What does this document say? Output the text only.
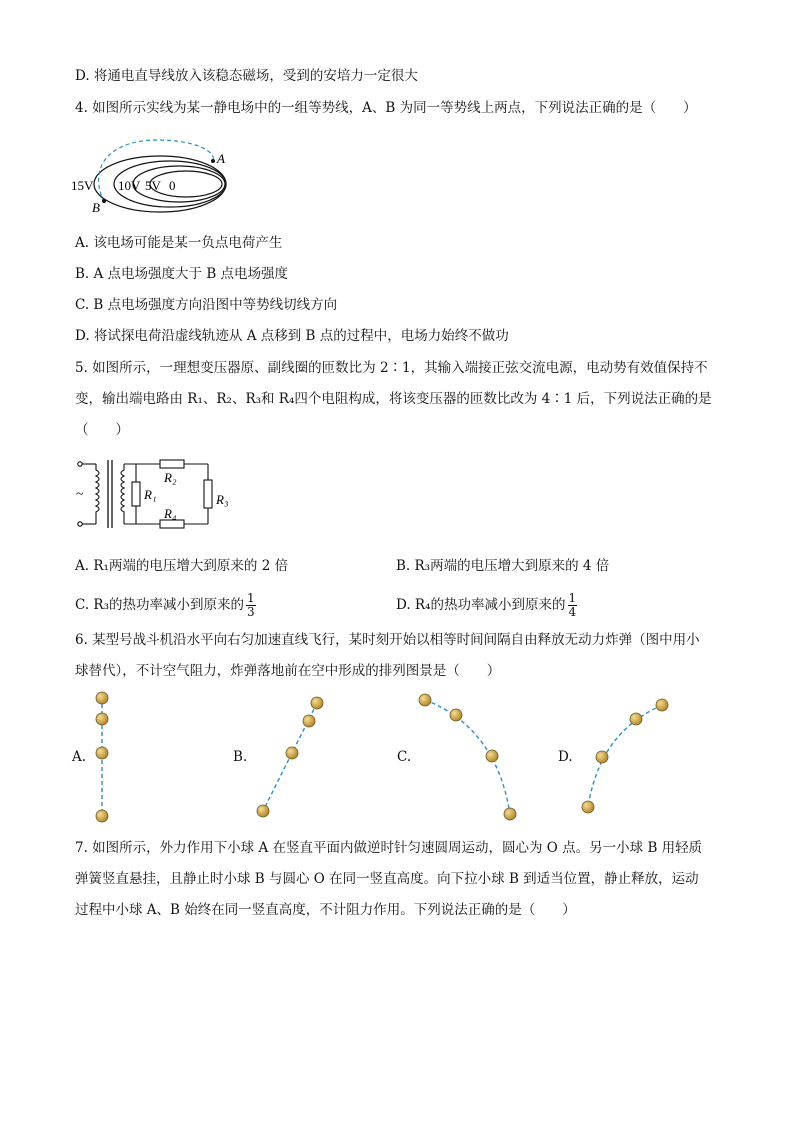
D. 将通电直导线放入该稳态磁场，受到的安培力一定很大
4. 如图所示实线为某一静电场中的一组等势线，A、B 为同一等势线上两点，下列说法正确的是（　　）
15V 10V 5V 0
A
B
A. 该电场可能是某一负点电荷产生
B. A 点电场强度大于 B 点电场强度
C. B 点电场强度方向沿图中等势线切线方向
D. 将试探电荷沿虚线轨迹从 A 点移到 B 点的过程中，电场力始终不做功
5. 如图所示，一理想变压器原、副线圈的匝数比为 2∶1，其输入端接正弦交流电源，电动势有效值保持不
变，输出端电路由 R₁、R₂、R₃和 R₄四个电阻构成，将该变压器的匝数比改为 4∶1 后，下列说法正确的是
（　　）
~	R₁
R₂
R₄
R₃
A. R₁两端的电压增大到原来的 2 倍	B. R₃两端的电压增大到原来的 4 倍
C. R₃的热功率减小到原来的 $\frac{1}{3}$	D. R₄的热功率减小到原来的 $\frac{1}{4}$
6. 某型号战斗机沿水平向右匀加速直线飞行，某时刻开始以相等时间间隔自由释放无动力炸弹（图中用小
球替代），不计空气阻力，炸弹落地前在空中形成的排列图景是（　　）
A.	B.	C.	D.
7. 如图所示，外力作用下小球 A 在竖直平面内做逆时针匀速圆周运动，圆心为 O 点。另一小球 B 用轻质
弹簧竖直悬挂，且静止时小球 B 与圆心 O 在同一竖直高度。向下拉小球 B 到适当位置，静止释放，运动
过程中小球 A、B 始终在同一竖直高度，不计阻力作用。下列说法正确的是（　　）
